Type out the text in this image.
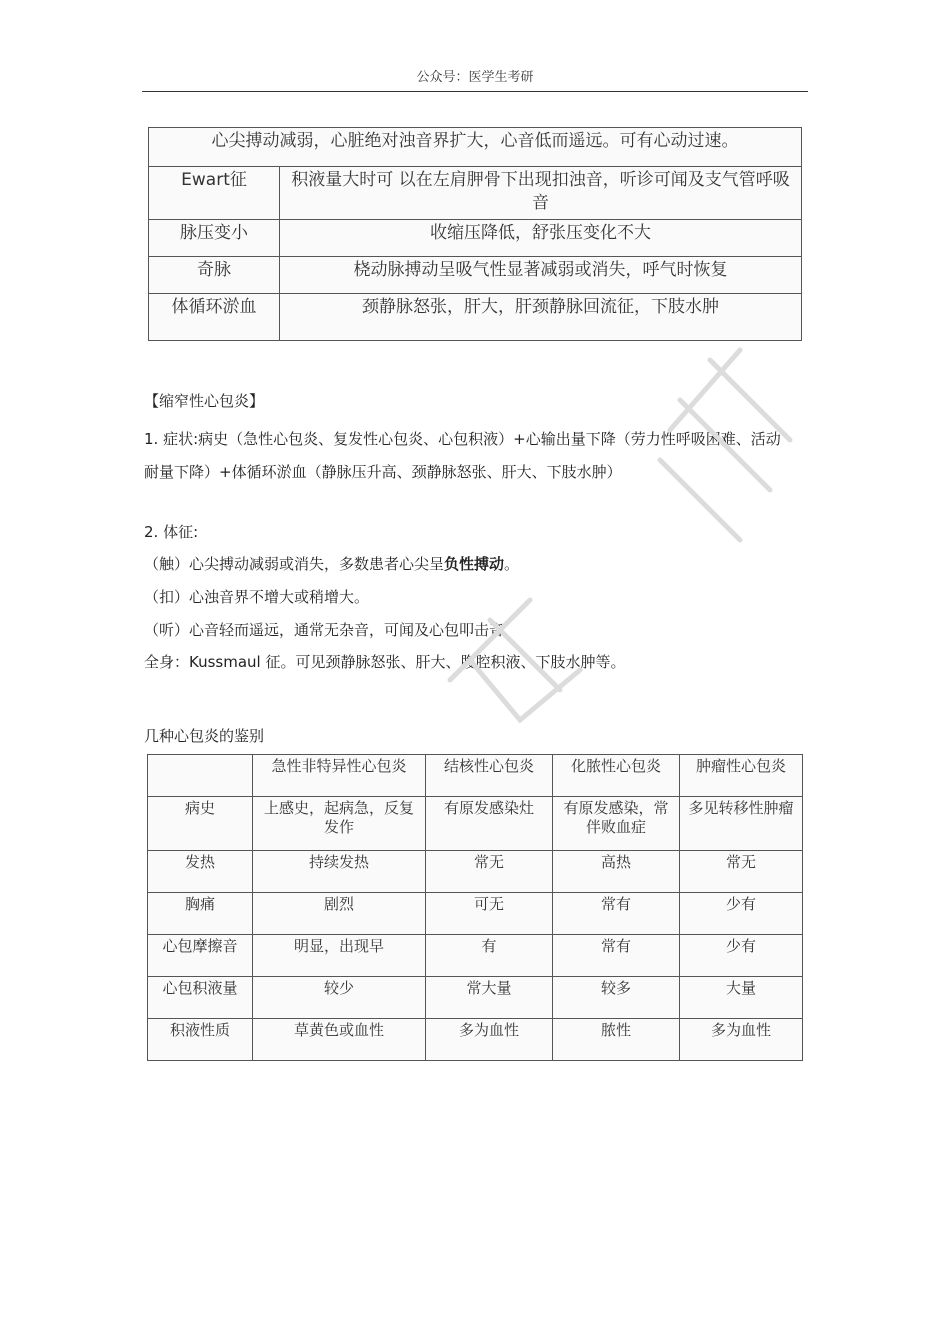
公众号：医学生考研
心尖搏动减弱，心脏绝对浊音界扩大，心音低而遥远。可有心动过速。	
Ewart征	积液量大时可 以在左肩胛骨下出现扣浊音，听诊可闻及支气管呼吸音
脉压变小	收缩压降低，舒张压变化不大
奇脉	桡动脉搏动呈吸气性显著减弱或消失，呼气时恢复
体循环淤血	颈静脉怒张，肝大，肝颈静脉回流征，下肢水肿

【缩窄性心包炎】

1. 症状:病史（急性心包炎、复发性心包炎、心包积液）+心输出量下降（劳力性呼吸困难、活动耐量下降）+体循环淤血（静脉压升高、颈静脉怒张、肝大、下肢水肿）

2. 体征:

（触）心尖搏动减弱或消失，多数患者心尖呈负性搏动。

（扣）心浊音界不增大或稍增大。

（听）心音轻而遥远，通常无杂音，可闻及心包叩击音

全身：Kussmaul 征。可见颈静脉怒张、肝大、腹腔积液、下肢水肿等。

几种心包炎的鉴别

	急性非特异性心包炎	结核性心包炎	化脓性心包炎	肿瘤性心包炎
病史	上感史，起病急，反复发作	有原发感染灶	有原发感染，常伴败血症	多见转移性肿瘤
发热	持续发热	常无	高热	常无
胸痛	剧烈	可无	常有	少有
心包摩擦音	明显，出现早	有	常有	少有
心包积液量	较少	常大量	较多	大量
积液性质	草黄色或血性	多为血性	脓性	多为血性
